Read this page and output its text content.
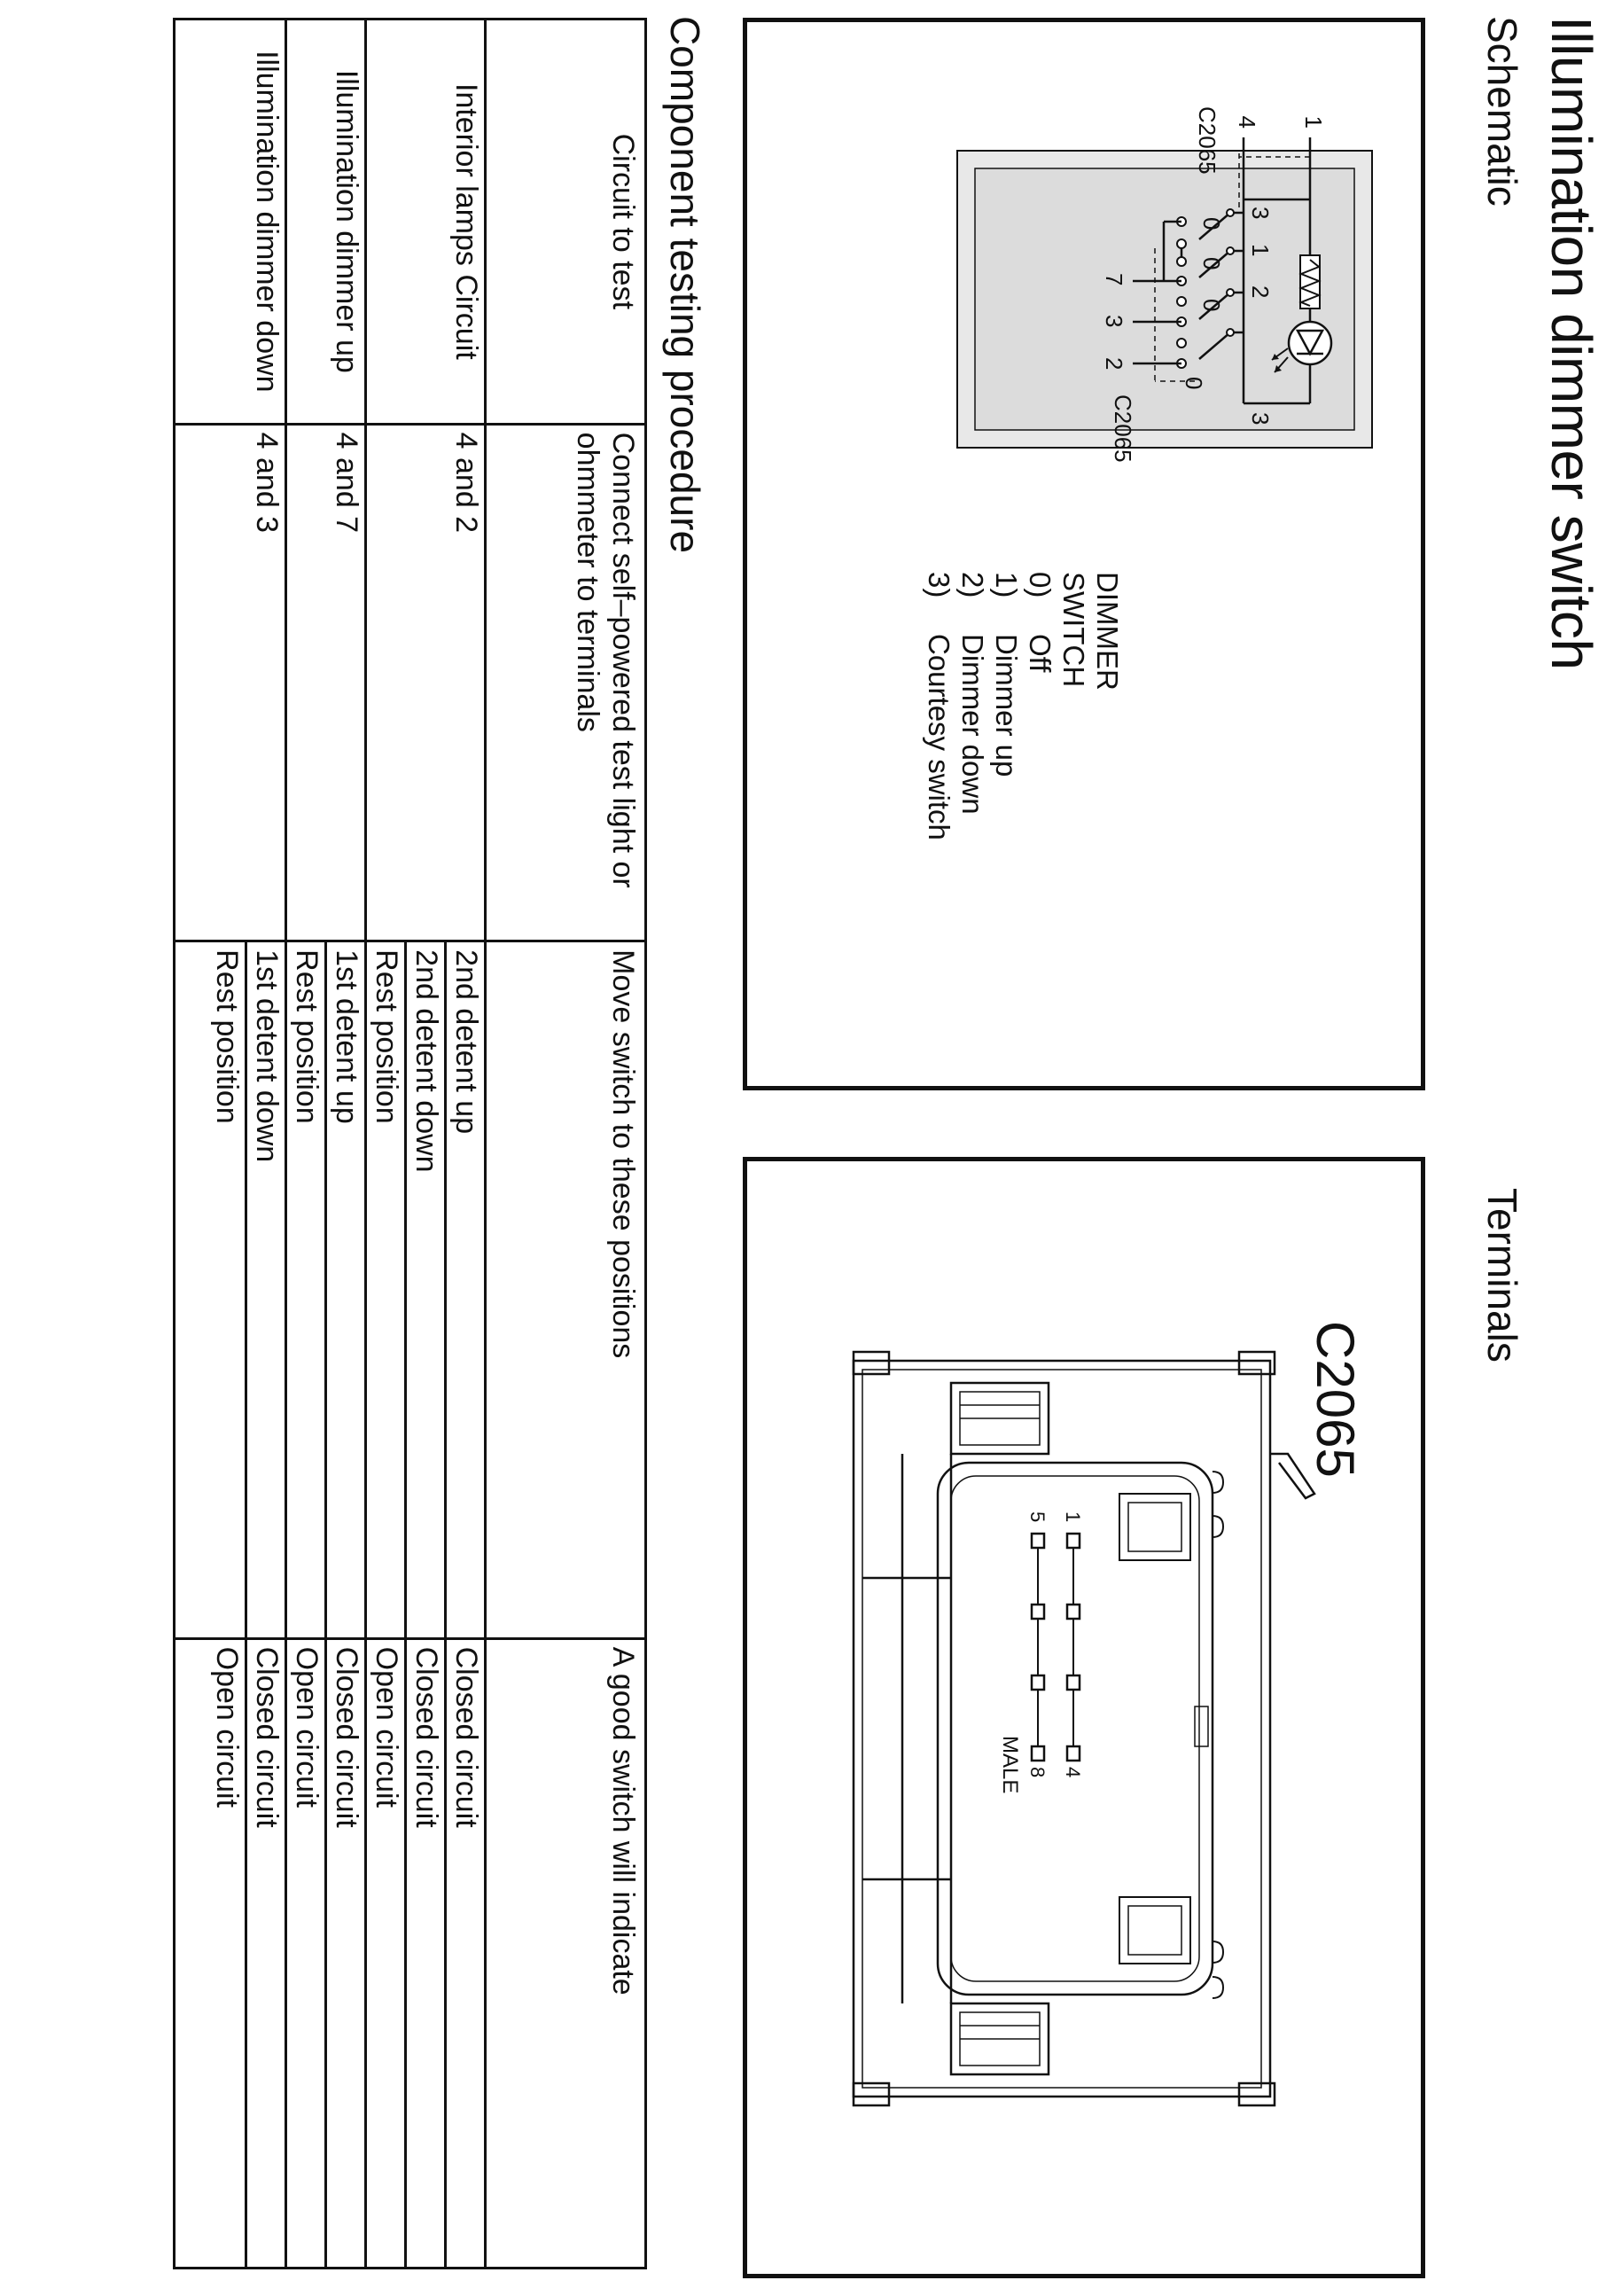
Illumination dimmer switch
Schematic
Terminals
1
4
C2065
3
1
2
3
0
0
0
0
7
3
2
C2065
DIMMER
SWITCH
0)
Off
1)
Dimmer up
2)
Dimmer down
3)
Courtesy switch
C2065
1
5
4
8
MALE
Component testing procedure
Circuit to test	Connect self–powered test light or ohmmeter to terminals	Move switch to these positions	A good switch will indicate
Interior lamps Circuit	4 and 2	2nd detent up	Closed circuit
		2nd detent down	Closed circuit
		Rest position	Open circuit
Illumination dimmer up	4 and 7	1st detent up	Closed circuit
		Rest position	Open circuit
Illumination dimmer down	4 and 3	1st detent down	Closed circuit
		Rest position	Open circuit
